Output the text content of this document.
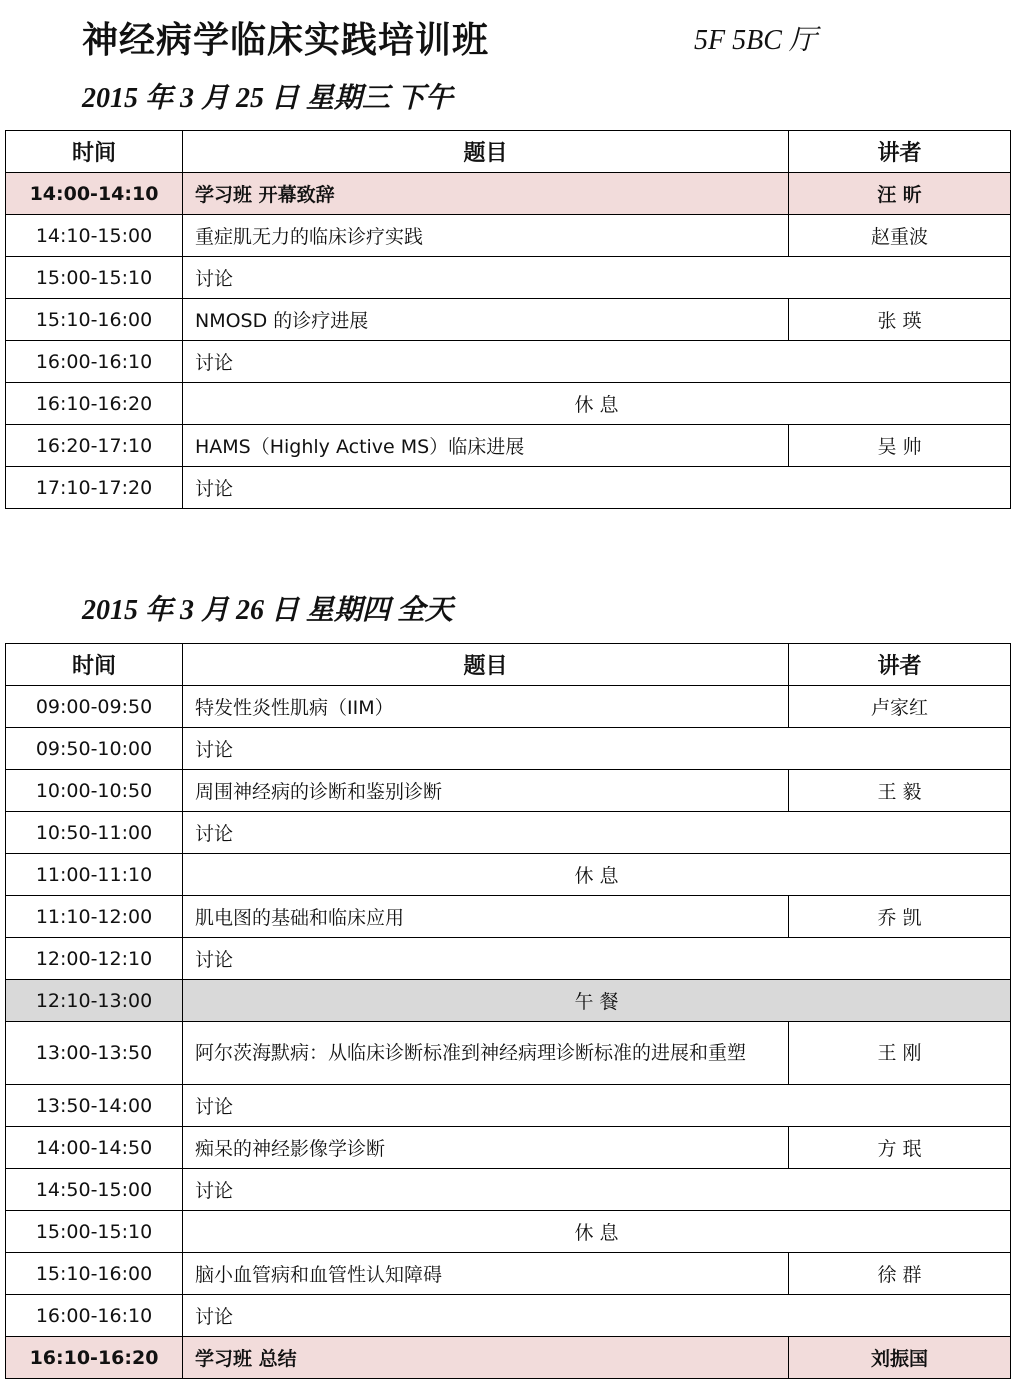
神经病学临床实践培训班	5F 5BC 厅
2015 年 3 月 25 日 星期三 下午
时间	题目	讲者
14:00-14:10	学习班 开幕致辞	汪 昕
14:10-15:00	重症肌无力的临床诊疗实践	赵重波
15:00-15:10	讨论	
15:10-16:00	NMOSD 的诊疗进展	张 瑛
16:00-16:10	讨论	
16:10-16:20	休 息	
16:20-17:10	HAMS（Highly Active MS）临床进展	吴 帅
17:10-17:20	讨论	
2015 年 3 月 26 日 星期四 全天
时间	题目	讲者
09:00-09:50	特发性炎性肌病（IIM）	卢家红
09:50-10:00	讨论	
10:00-10:50	周围神经病的诊断和鉴别诊断	王 毅
10:50-11:00	讨论	
11:00-11:10	休 息	
11:10-12:00	肌电图的基础和临床应用	乔 凯
12:00-12:10	讨论	
12:10-13:00	午 餐	
13:00-13:50	阿尔茨海默病：从临床诊断标准到神经病理诊断标准的进展和重塑	王 刚
13:50-14:00	讨论	
14:00-14:50	痴呆的神经影像学诊断	方 珉
14:50-15:00	讨论	
15:00-15:10	休 息	
15:10-16:00	脑小血管病和血管性认知障碍	徐 群
16:00-16:10	讨论	
16:10-16:20	学习班 总结	刘振国
